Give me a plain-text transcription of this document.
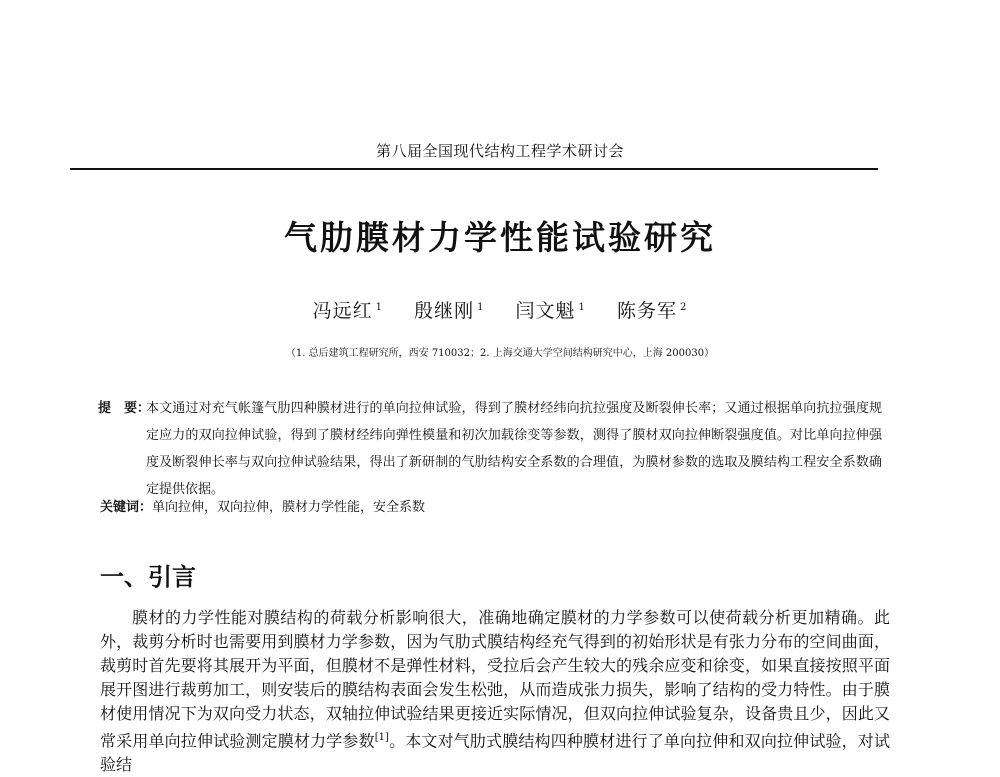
第八届全国现代结构工程学术研讨会
气肋膜材力学性能试验研究
冯远红 $^1$ 殷继刚 $^1$ 闫文魁 $^1$ 陈务军 $^2$
（1. 总后建筑工程研究所，西安 710032；2. 上海交通大学空间结构研究中心，上海 200030）
提　要：
本文通过对充气帐篷气肋四种膜材进行的单向拉伸试验，得到了膜材经纬向抗拉强度及断裂伸长率；又通过根据单向抗拉强度规定应力的双向拉伸试验，得到了膜材经纬向弹性模量和初次加载徐变等参数，测得了膜材双向拉伸断裂强度值。对比单向拉伸强度及断裂伸长率与双向拉伸试验结果，得出了新研制的气肋结构安全系数的合理值，为膜材参数的选取及膜结构工程安全系数确定提供依据。
关键词：单向拉伸，双向拉伸，膜材力学性能，安全系数
一、引言
膜材的力学性能对膜结构的荷载分析影响很大，准确地确定膜材的力学参数可以使荷载分析更加精确。此外，裁剪分析时也需要用到膜材力学参数，因为气肋式膜结构经充气得到的初始形状是有张力分布的空间曲面，裁剪时首先要将其展开为平面，但膜材不是弹性材料，受拉后会产生较大的残余应变和徐变，如果直接按照平面展开图进行裁剪加工，则安装后的膜结构表面会发生松弛，从而造成张力损失，影响了结构的受力特性。由于膜材使用情况下为双向受力状态，双轴拉伸试验结果更接近实际情况，但双向拉伸试验复杂，设备贵且少，因此又常采用单向拉伸试验测定膜材力学参数[1]。本文对气肋式膜结构四种膜材进行了单向拉伸和双向拉伸试验，对试验结
